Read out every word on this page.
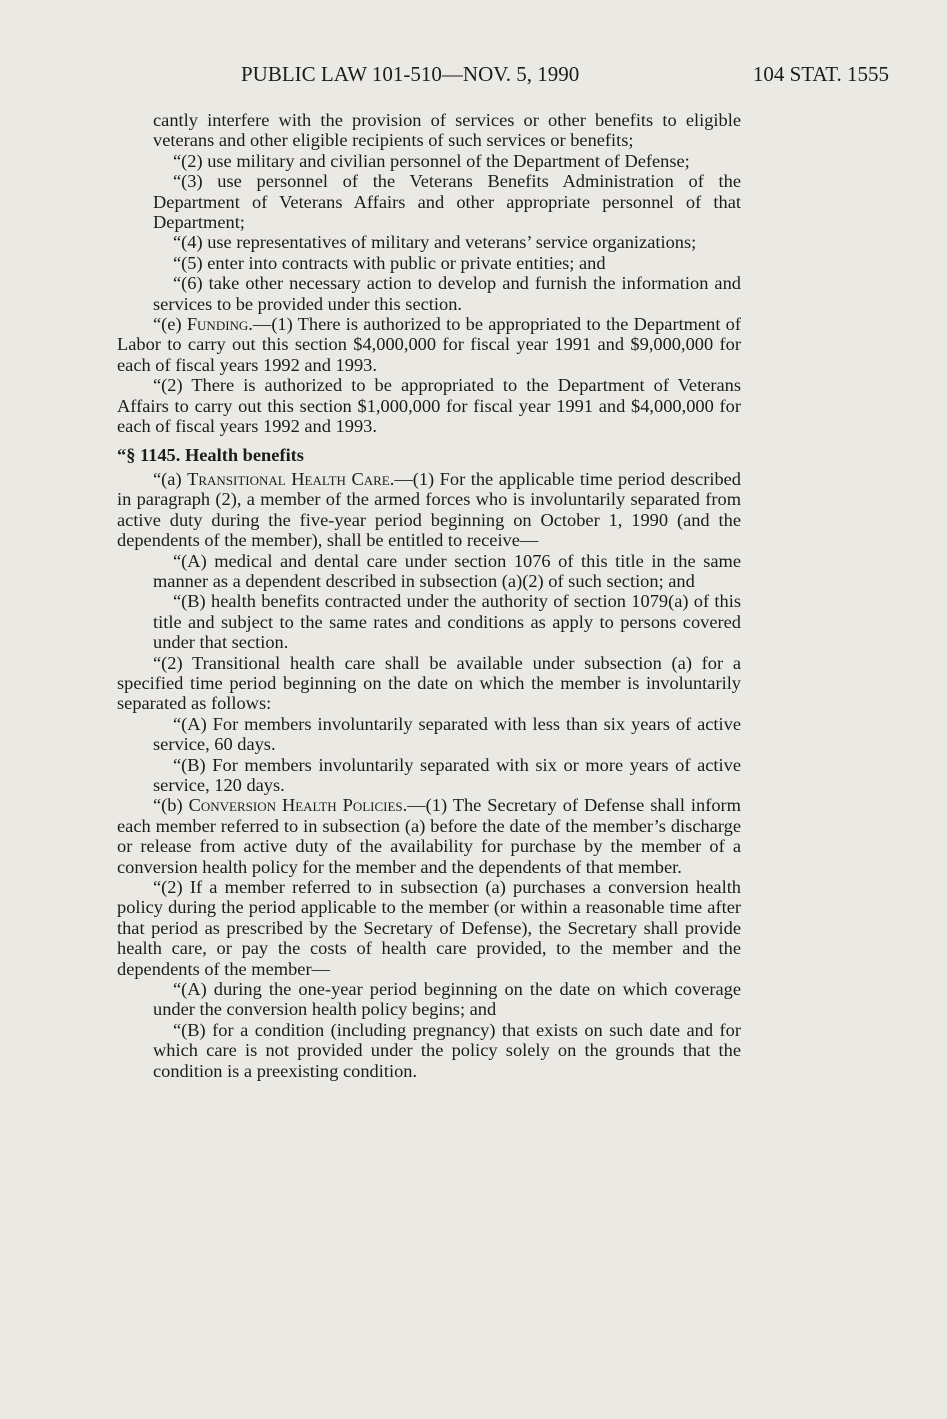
PUBLIC LAW 101-510—NOV. 5, 1990	104 STAT. 1555

cantly interfere with the provision of services or other benefits to eligible veterans and other eligible recipients of such services or benefits;

“(2) use military and civilian personnel of the Department of Defense;

“(3) use personnel of the Veterans Benefits Administration of the Department of Veterans Affairs and other appropriate personnel of that Department;

“(4) use representatives of military and veterans’ service organizations;

“(5) enter into contracts with public or private entities; and

“(6) take other necessary action to develop and furnish the information and services to be provided under this section.

“(e) Funding.—(1) There is authorized to be appropriated to the Department of Labor to carry out this section $4,000,000 for fiscal year 1991 and $9,000,000 for each of fiscal years 1992 and 1993.

“(2) There is authorized to be appropriated to the Department of Veterans Affairs to carry out this section $1,000,000 for fiscal year 1991 and $4,000,000 for each of fiscal years 1992 and 1993.

“§ 1145. Health benefits

“(a) Transitional Health Care.—(1) For the applicable time period described in paragraph (2), a member of the armed forces who is involuntarily separated from active duty during the five-year period beginning on October 1, 1990 (and the dependents of the member), shall be entitled to receive—

“(A) medical and dental care under section 1076 of this title in the same manner as a dependent described in subsection (a)(2) of such section; and

“(B) health benefits contracted under the authority of section 1079(a) of this title and subject to the same rates and conditions as apply to persons covered under that section.

“(2) Transitional health care shall be available under subsection (a) for a specified time period beginning on the date on which the member is involuntarily separated as follows:

“(A) For members involuntarily separated with less than six years of active service, 60 days.

“(B) For members involuntarily separated with six or more years of active service, 120 days.

“(b) Conversion Health Policies.—(1) The Secretary of Defense shall inform each member referred to in subsection (a) before the date of the member’s discharge or release from active duty of the availability for purchase by the member of a conversion health policy for the member and the dependents of that member.

“(2) If a member referred to in subsection (a) purchases a conversion health policy during the period applicable to the member (or within a reasonable time after that period as prescribed by the Secretary of Defense), the Secretary shall provide health care, or pay the costs of health care provided, to the member and the dependents of the member—

“(A) during the one-year period beginning on the date on which coverage under the conversion health policy begins; and

“(B) for a condition (including pregnancy) that exists on such date and for which care is not provided under the policy solely on the grounds that the condition is a preexisting condition.
